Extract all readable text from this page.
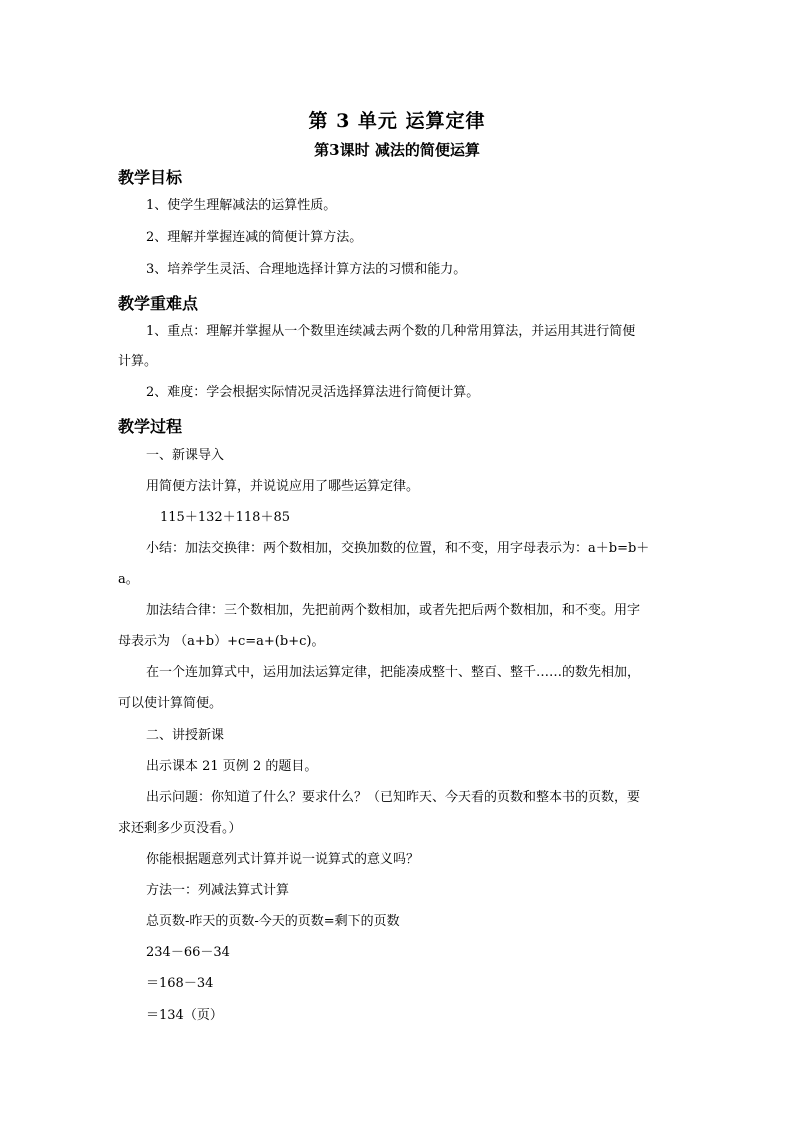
第 3 单元 运算定律
第3课时 减法的简便运算
教学目标
1、使学生理解减法的运算性质。
2、理解并掌握连减的简便计算方法。
3、培养学生灵活、合理地选择计算方法的习惯和能力。
教学重难点
1、重点：理解并掌握从一个数里连续减去两个数的几种常用算法，并运用其进行简便
计算。
2、难度：学会根据实际情况灵活选择算法进行简便计算。
教学过程
一、新课导入
用简便方法计算，并说说应用了哪些运算定律。
115＋132＋118＋85
小结：加法交换律：两个数相加，交换加数的位置，和不变，用字母表示为：a＋b=b＋
a。
加法结合律：三个数相加，先把前两个数相加，或者先把后两个数相加，和不变。用字
母表示为 （a+b）+c=a+(b+c)。
在一个连加算式中，运用加法运算定律，把能凑成整十、整百、整千……的数先相加，
可以使计算简便。
二、讲授新课
出示课本 21 页例 2 的题目。
出示问题：你知道了什么？要求什么？（已知昨天、今天看的页数和整本书的页数，要
求还剩多少页没看。）
你能根据题意列式计算并说一说算式的意义吗？
方法一：列减法算式计算
总页数-昨天的页数-今天的页数=剩下的页数
234－66－34
＝168－34
＝134（页）
